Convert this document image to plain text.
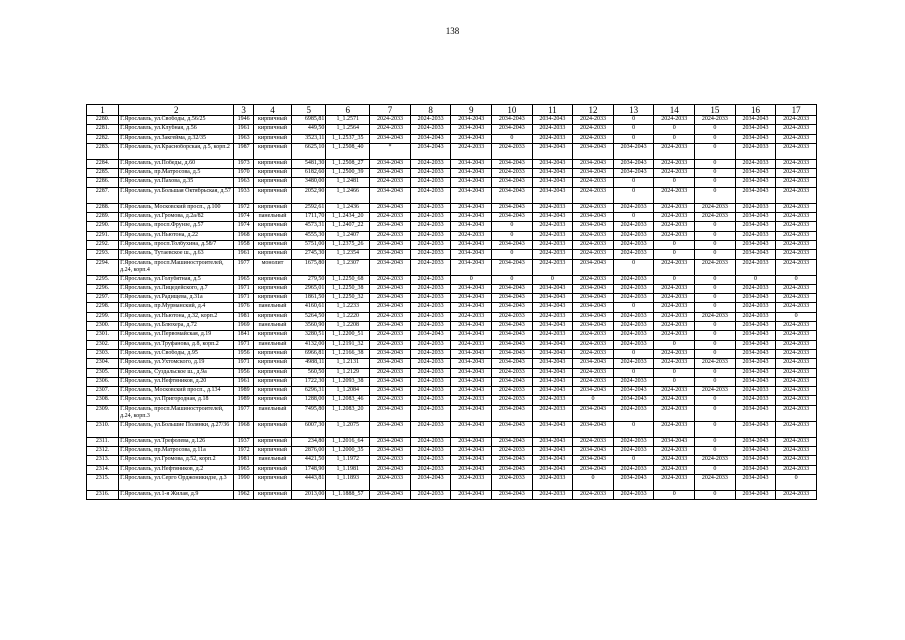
138
1	2	3	4	5	6	7	8	9	10	11	12	13	14	15	16	17
2280.	Г.Ярославль, ул.Свободы, д.56/25	1946	кирпичный	6985,81	1_1.2571	2024-2033	2024-2033	2034-2043	2034-2043	2034-2043	2024-2033	0	2024-2033	2024-2033	2034-2043	2024-2033
2281.	Г.Ярославль, ул.Клубная, д.56	1961	кирпичный	449,50	1_1.2564	2024-2033	2024-2033	2034-2043	2034-2043	2024-2033	2024-2033	0	0	0	2034-2043	2024-2033
2282.	Г.Ярославль, ул.Закгейма, д.32/35	1963	кирпичный	3523,11	1_1.2537_35	2034-2043	2034-2043	2034-2043	0	2024-2033	2024-2033	0	0	0	2034-2043	2024-2033
2283.	Г.Ярославль, ул.Красноборская, д.5, корп.2	1987	кирпичный	6625,10	1_1.2508_40	*	2034-2043	2024-2033	2024-2033	2034-2043	2034-2043	2034-2043	2024-2033	0	2024-2033	2024-2033
2284.	Г.Ярославль, ул.Победы, д.60	1973	кирпичный	5481,30	1_1.2508_27	2034-2043	2024-2033	2034-2043	2034-2043	2034-2043	2034-2043	2034-2043	2024-2033	0	2024-2033	2024-2033
2285.	Г.Ярославль, пр.Матросова, д.5	1970	кирпичный	6182,60	1_1.2500_39	2034-2043	2024-2033	2034-2043	2024-2033	2034-2043	2034-2043	2034-2043	2024-2033	0	2034-2043	2024-2033
2286.	Г.Ярославль, ул.Пахова, д.35	1963	кирпичный	3480,00	1_1.2481	2024-2033	2024-2033	2034-2043	2034-2043	2034-2043	2024-2033	0	0	0	2034-2043	2024-2033
2287.	Г.Ярославль, ул.Большая Октябрьская, д.57	1933	кирпичный	2052,90	1_1.2466	2034-2043	2024-2033	2034-2043	2034-2043	2034-2043	2024-2033	0	2024-2033	0	2034-2043	2024-2033
2288.	Г.Ярославль, Московский просп., д.100	1972	кирпичный	2592,61	1_1.2436	2034-2043	2024-2033	2034-2043	2034-2043	2024-2033	2024-2033	2024-2033	2024-2033	2024-2033	2024-2033	2024-2033
2289.	Г.Ярославль, ул.Громова, д.2а/82	1974	панельный	1711,70	1_1.2434_20	2024-2033	2024-2033	2034-2043	2034-2043	2034-2043	2034-2043	0	2024-2033	2024-2033	2034-2043	2024-2033
2290.	Г.Ярославль, просп.Фрунзе, д.57	1974	кирпичный	4573,31	1_1.2407_22	2034-2043	2024-2033	2034-2043	0	2024-2033	2034-2043	2024-2033	2024-2033	0	2034-2043	2024-2033
2291.	Г.Ярославль, ул.Ньютона, д.22	1968	кирпичный	4555,30	1_1.2407	2024-2033	2024-2033	2024-2033	0	2024-2033	2024-2033	2024-2033	2024-2033	0	2024-2033	2024-2033
2292.	Г.Ярославль, просп.Толбухина, д.58/7	1958	кирпичный	5751,00	1_1.2375_26	2034-2043	2024-2033	2034-2043	2034-2043	2024-2033	2024-2033	2024-2033	0	0	2034-2043	2024-2033
2293.	Г.Ярославль, Тутаевское ш., д.63	1961	кирпичный	2745,30	1_1.2354	2034-2043	2024-2033	2034-2043	0	2024-2033	2024-2033	2024-2033	0	0	2034-2043	2024-2033
2294.	Г.Ярославль, просп.Машиностроителей, д.24, корп.4	1977	монолит	1675,80	1_1.2307	2034-2043	2024-2033	2034-2043	2034-2043	2024-2033	2034-2043	0	2024-2033	2024-2033	2024-2033	2024-2033
2295.	Г.Ярославль, ул.Голубятная, д.5	1965	кирпичный	279,50	1_1.2250_68	2024-2033	2024-2033	0	0	0	2024-2033	2024-2033	0	0	0	0
2296.	Г.Ярославль, ул.Лицедейского, д.7	1971	кирпичный	2965,01	1_1.2250_38	2034-2043	2024-2033	2034-2043	2034-2043	2034-2043	2034-2043	2024-2033	2024-2033	0	2024-2033	2024-2033
2297.	Г.Ярославль, ул.Радищева, д.31а	1971	кирпичный	1861,50	1_1.2250_32	2034-2043	2024-2033	2034-2043	2034-2043	2034-2043	2034-2043	2024-2033	2024-2033	0	2034-2043	2024-2033
2298.	Г.Ярославль, пр.Мурманский, д.4	1976	панельный	4160,61	1_1.2233	2034-2043	2024-2033	2034-2043	2034-2043	2034-2043	2034-2043	0	2024-2033	0	2024-2033	2024-2033
2299.	Г.Ярославль, ул.Ньютона, д.32, корп.2	1981	кирпичный	5264,50	1_1.2220	2024-2033	2024-2033	2024-2033	2024-2033	2024-2033	2034-2043	2024-2033	2024-2033	2024-2033	2024-2033	0
2300.	Г.Ярославль, ул.Блюхера, д.72	1969	панельный	3560,90	1_1.2208	2034-2043	2024-2033	2034-2043	2034-2043	2034-2043	2034-2043	2024-2033	2024-2033	0	2034-2043	2024-2033
2301.	Г.Ярославль, ул.Первомайская, д.19	1841	кирпичный	3280,51	1_1.2200_51	2024-2033	2034-2043	2034-2043	2034-2043	2024-2033	2024-2033	2024-2033	2024-2033	0	2034-2043	2024-2033
2302.	Г.Ярославль, ул.Труфанова, д.8, корп.2	1971	панельный	4132,00	1_1.2191_32	2024-2033	2024-2033	2024-2033	2034-2043	2034-2043	2024-2033	2024-2033	0	0	2034-2043	2024-2033
2303.	Г.Ярославль, ул.Свободы, д.95	1956	кирпичный	6966,81	1_1.2166_38	2034-2043	2024-2033	2034-2043	2034-2043	2034-2043	2024-2033	0	2024-2033	0	2034-2043	2024-2033
2304.	Г.Ярославль, ул.Ухтомского, д.19	1971	кирпичный	4988,11	1_1.2131	2034-2043	2024-2033	2034-2043	2034-2043	2034-2043	2034-2043	2024-2033	2024-2033	2024-2033	2034-2043	2024-2033
2305.	Г.Ярославль, Суздальское ш., д.9а	1956	кирпичный	560,50	1_1.2129	2024-2033	2024-2033	2034-2043	2024-2033	2034-2043	2024-2033	0	0	0	2034-2043	2024-2033
2306.	Г.Ярославль, ул.Нефтяников, д.20	1961	кирпичный	1722,30	1_1.2093_38	2034-2043	2024-2033	2034-2043	2034-2043	2034-2043	2024-2033	2024-2033	0	0	2034-2043	2024-2033
2307.	Г.Ярославль, Московский просп., д.134	1989	кирпичный	6296,31	1_1.2084	2034-2043	2024-2033	2034-2043	2024-2033	2034-2043	2034-2043	2034-2043	2024-2033	2024-2033	2024-2033	2024-2033
2308.	Г.Ярославль, ул.Пригородная, д.18	1989	кирпичный	1288,00	1_1.2083_46	2024-2033	2024-2033	2024-2033	2024-2033	2024-2033	0	2034-2043	2024-2033	0	2024-2033	2024-2033
2309.	Г.Ярославль, просп.Машиностроителей, д.24, корп.3	1977	панельный	7495,80	1_1.2083_20	2034-2043	2024-2033	2034-2043	2034-2043	2024-2033	2034-2043	2024-2033	2024-2033	0	2034-2043	2024-2033
2310.	Г.Ярославль, ул.Большие Полянки, д.27/36	1968	кирпичный	6007,30	1_1.2075	2034-2043	2024-2033	2034-2043	2034-2043	2034-2043	2034-2043	0	2024-2033	0	2034-2043	2024-2033
2311.	Г.Ярославль, ул.Трефолева, д.126	1937	кирпичный	234,80	1_1.2016_64	2034-2043	2024-2033	2034-2043	2034-2043	2034-2043	2024-2033	2024-2033	2034-2043	0	2034-2043	2024-2033
2312.	Г.Ярославль, пр.Матросова, д.11а	1972	кирпичный	2876,00	1_1.2000_35	2034-2043	2024-2033	2034-2043	2024-2033	2034-2043	2034-2043	2024-2033	2024-2033	0	2034-2043	2024-2033
2313.	Г.Ярославль, ул.Громова, д.52, корп.2	1981	панельный	4421,50	1_1.1972	2024-2033	2024-2033	2034-2043	2034-2043	2034-2043	2034-2043	0	2024-2033	2024-2033	2034-2043	2024-2033
2314.	Г.Ярославль, ул.Нефтяников, д.2	1965	кирпичный	1748,90	1_1.1981	2034-2043	2024-2033	2034-2043	2034-2043	2034-2043	2034-2043	2024-2033	2024-2033	0	2034-2043	2024-2033
2315.	Г.Ярославль, ул.Серго Орджоникидзе, д.3	1990	кирпичный	4443,81	1_1.1893	2024-2033	2034-2043	2024-2033	2024-2033	2024-2033	0	2034-2043	2024-2033	2024-2033	2034-2043	0
2316.	Г.Ярославль, ул.1-я Жилая, д.9	1962	кирпичный	2013,00	1_1.1888_57	2034-2043	2024-2033	2034-2043	2034-2043	2024-2033	2024-2033	2024-2033	0	0	2034-2043	2024-2033
